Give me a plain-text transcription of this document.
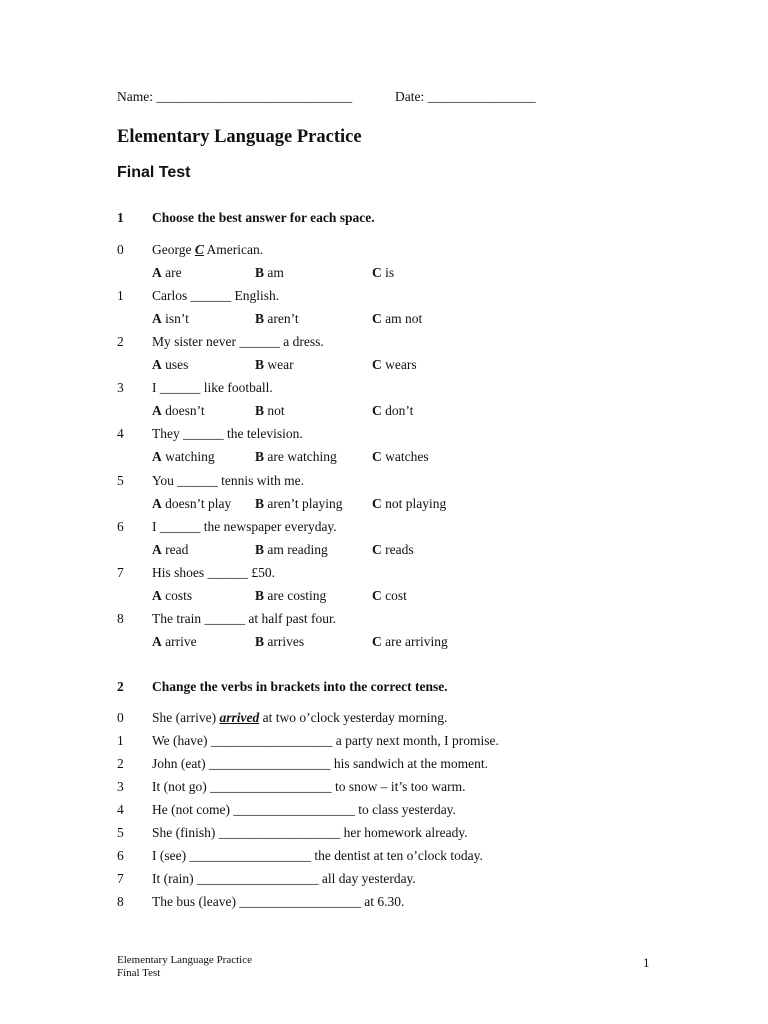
Name: _____________________________	Date: ________________
Elementary Language Practice
Final Test
1 Choose the best answer for each space.
0 George C American.
A are	B am	C is
1 Carlos ______ English.
A isn’t	B aren’t	C am not
2 My sister never ______ a dress.
A uses	B wear	C wears
3 I ______ like football.
A doesn’t	B not	C don’t
4 They ______ the television.
A watching	B are watching	C watches
5 You ______ tennis with me.
A doesn’t play B aren’t playing C not playing
6 I ______ the newspaper everyday.
A read	B am reading	C reads
7 His shoes ______ £50.
A costs	B are costing	C cost
8 The train ______ at half past four.
A arrive	B arrives	C are arriving
2 Change the verbs in brackets into the correct tense.
0 She (arrive) arrived at two o’clock yesterday morning.
1 We (have) __________________ a party next month, I promise.
2 John (eat) __________________ his sandwich at the moment.
3 It (not go) __________________ to snow – it’s too warm.
4 He (not come) __________________ to class yesterday.
5 She (finish) __________________ her homework already.
6 I (see) __________________ the dentist at ten o’clock today.
7 It (rain) __________________ all day yesterday.
8 The bus (leave) __________________ at 6.30.
Elementary Language Practice
Final Test
1
